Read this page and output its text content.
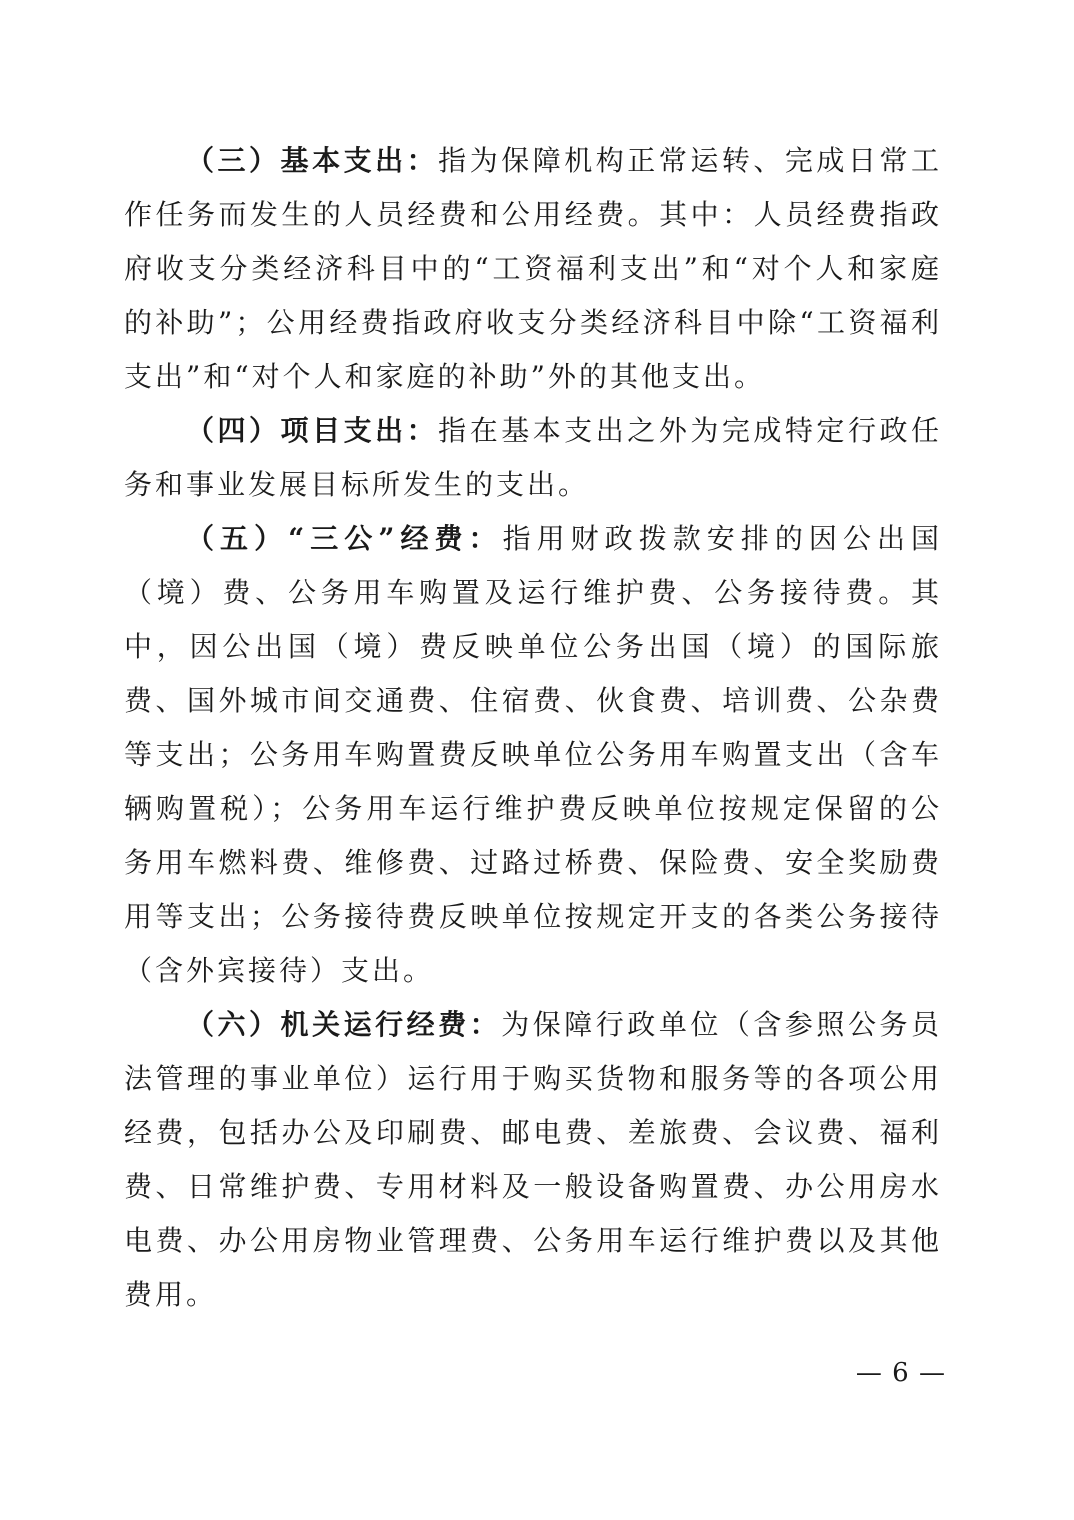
（三）基本支出：指为保障机构正常运转、完成日常工作任务而发生的人员经费和公用经费。其中：人员经费指政府收支分类经济科目中的“工资福利支出”和“对个人和家庭的补助”；公用经费指政府收支分类经济科目中除“工资福利支出”和“对个人和家庭的补助”外的其他支出。

（四）项目支出：指在基本支出之外为完成特定行政任务和事业发展目标所发生的支出。

（五）“三公”经费：指用财政拨款安排的因公出国（境）费、公务用车购置及运行维护费、公务接待费。其中，因公出国（境）费反映单位公务出国（境）的国际旅费、国外城市间交通费、住宿费、伙食费、培训费、公杂费等支出；公务用车购置费反映单位公务用车购置支出（含车辆购置税）；公务用车运行维护费反映单位按规定保留的公务用车燃料费、维修费、过路过桥费、保险费、安全奖励费用等支出；公务接待费反映单位按规定开支的各类公务接待（含外宾接待）支出。

（六）机关运行经费：为保障行政单位（含参照公务员法管理的事业单位）运行用于购买货物和服务等的各项公用经费，包括办公及印刷费、邮电费、差旅费、会议费、福利费、日常维护费、专用材料及一般设备购置费、办公用房水电费、办公用房物业管理费、公务用车运行维护费以及其他费用。

— 6 —
